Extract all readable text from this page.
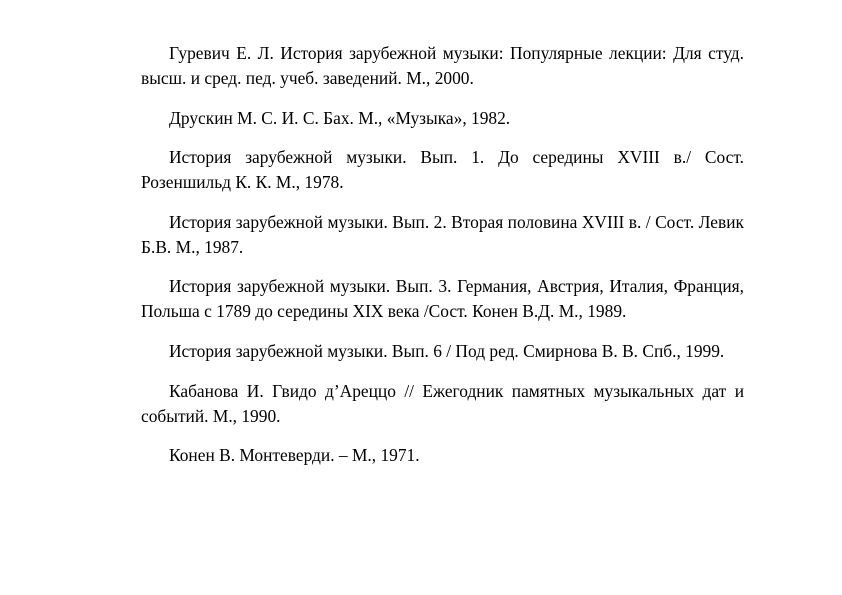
Гуревич Е. Л. История зарубежной музыки: Популярные лекции: Для студ. высш. и сред. пед. учеб. заведений. М., 2000.

Друскин М. С. И. С. Бах. М., «Музыка», 1982.

История зарубежной музыки. Вып. 1. До середины XVIII в./ Сост. Розеншильд К. К. М., 1978.

История зарубежной музыки. Вып. 2. Вторая половина XVIII в. / Сост. Левик Б.В. М., 1987.

История зарубежной музыки. Вып. 3. Германия, Австрия, Италия, Франция, Польша с 1789 до середины XIX века /Сост. Конен В.Д. М., 1989.

История зарубежной музыки. Вып. 6 / Под ред. Смирнова В. В. Спб., 1999.

Кабанова И. Гвидо д’Ареццо // Ежегодник памятных музыкальных дат и событий. М., 1990.

Конен В. Монтеверди. – М., 1971.
